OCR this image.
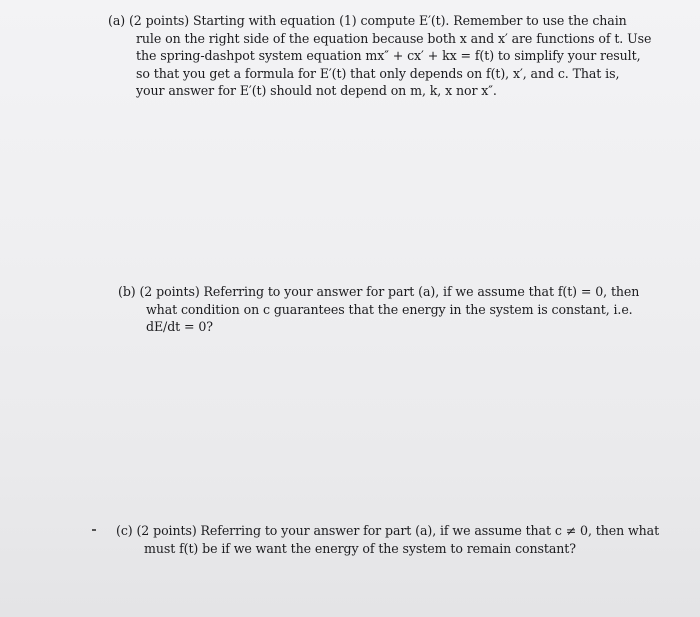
(a) (2 points) Starting with equation (1) compute E′(t). Remember to use the chain
rule on the right side of the equation because both x and x′ are functions of t. Use
the spring-dashpot system equation mx″ + cx′ + kx = f(t) to simplify your result,
so that you get a formula for E′(t) that only depends on f(t), x′, and c. That is,
your answer for E′(t) should not depend on m, k, x nor x″.
(b) (2 points) Referring to your answer for part (a), if we assume that f(t) = 0, then
what condition on c guarantees that the energy in the system is constant, i.e.
dE/dt = 0?
(c) (2 points) Referring to your answer for part (a), if we assume that c ≠ 0, then what
must f(t) be if we want the energy of the system to remain constant?
